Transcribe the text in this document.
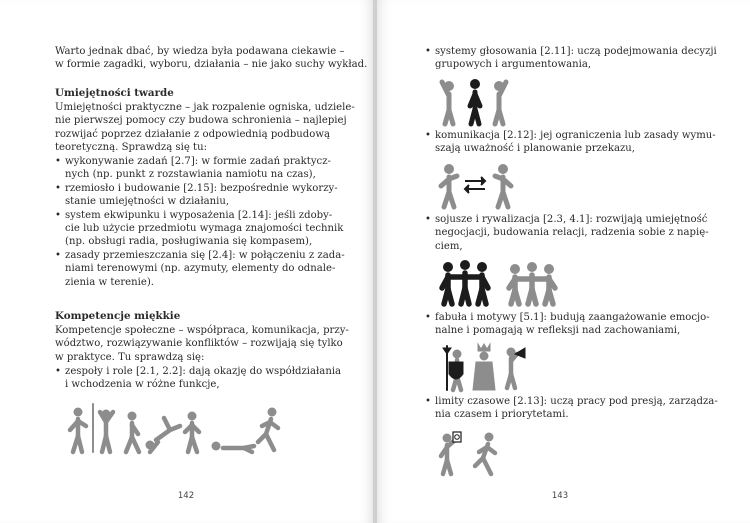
Warto jednak dbać, by wiedza była podawana ciekawie –
w formie zagadki, wyboru, działania – nie jako suchy wykład.
Umiejętności twarde
Umiejętności praktyczne – jak rozpalenie ogniska, udziele-
nie pierwszej pomocy czy budowa schronienia – najlepiej
rozwijać poprzez działanie z odpowiednią podbudową
teoretyczną. Sprawdzą się tu:
• wykonywanie zadań [2.7]: w formie zadań praktycz-
nych (np. punkt z rozstawiania namiotu na czas),
• rzemiosło i budowanie [2.15]: bezpośrednie wykorzy-
stanie umiejętności w działaniu,
• system ekwipunku i wyposażenia [2.14]: jeśli zdoby-
cie lub użycie przedmiotu wymaga znajomości technik
(np. obsługi radia, posługiwania się kompasem),
• zasady przemieszczania się [2.4]: w połączeniu z zada-
niami terenowymi (np. azymuty, elementy do odnale-
zienia w terenie).
Kompetencje miękkie
Kompetencje społeczne – współpraca, komunikacja, przy-
wództwo, rozwiązywanie konfliktów – rozwijają się tylko
w praktyce. Tu sprawdzą się:
• zespoły i role [2.1, 2.2]: dają okazję do współdziałania
i wchodzenia w różne funkcje,
142
• systemy głosowania [2.11]: uczą podejmowania decyzji
grupowych i argumentowania,
• komunikacja [2.12]: jej ograniczenia lub zasady wymu-
szają uważność i planowanie przekazu,
• sojusze i rywalizacja [2.3, 4.1]: rozwijają umiejętność
negocjacji, budowania relacji, radzenia sobie z napię-
ciem,
• fabuła i motywy [5.1]: budują zaangażowanie emocjo-
nalne i pomagają w refleksji nad zachowaniami,
• limity czasowe [2.13]: uczą pracy pod presją, zarządza-
nia czasem i priorytetami.
143
